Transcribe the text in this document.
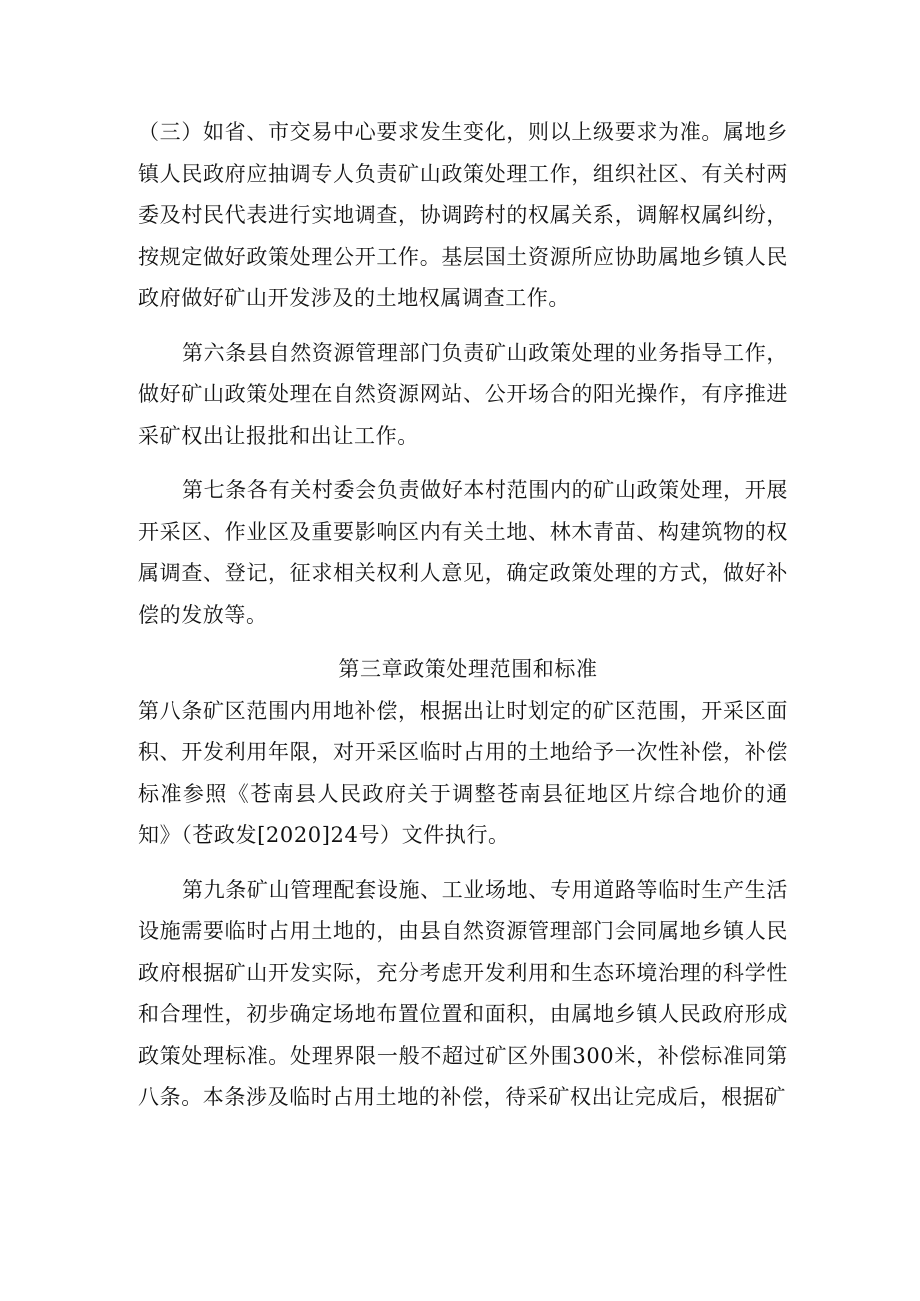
（三）如省、市交易中心要求发生变化，则以上级要求为准。属地乡镇人民政府应抽调专人负责矿山政策处理工作，组织社区、有关村两委及村民代表进行实地调查，协调跨村的权属关系，调解权属纠纷，按规定做好政策处理公开工作。基层国土资源所应协助属地乡镇人民政府做好矿山开发涉及的土地权属调查工作。

第六条县自然资源管理部门负责矿山政策处理的业务指导工作，做好矿山政策处理在自然资源网站、公开场合的阳光操作，有序推进采矿权出让报批和出让工作。

第七条各有关村委会负责做好本村范围内的矿山政策处理，开展开采区、作业区及重要影响区内有关土地、林木青苗、构建筑物的权属调查、登记，征求相关权利人意见，确定政策处理的方式，做好补偿的发放等。

第三章政策处理范围和标准

第八条矿区范围内用地补偿，根据出让时划定的矿区范围，开采区面积、开发利用年限，对开采区临时占用的土地给予一次性补偿，补偿标准参照《苍南县人民政府关于调整苍南县征地区片综合地价的通知》（苍政发[2020]24号）文件执行。

第九条矿山管理配套设施、工业场地、专用道路等临时生产生活设施需要临时占用土地的，由县自然资源管理部门会同属地乡镇人民政府根据矿山开发实际，充分考虑开发利用和生态环境治理的科学性和合理性，初步确定场地布置位置和面积，由属地乡镇人民政府形成政策处理标准。处理界限一般不超过矿区外围300米，补偿标准同第八条。本条涉及临时占用土地的补偿，待采矿权出让完成后，根据矿
